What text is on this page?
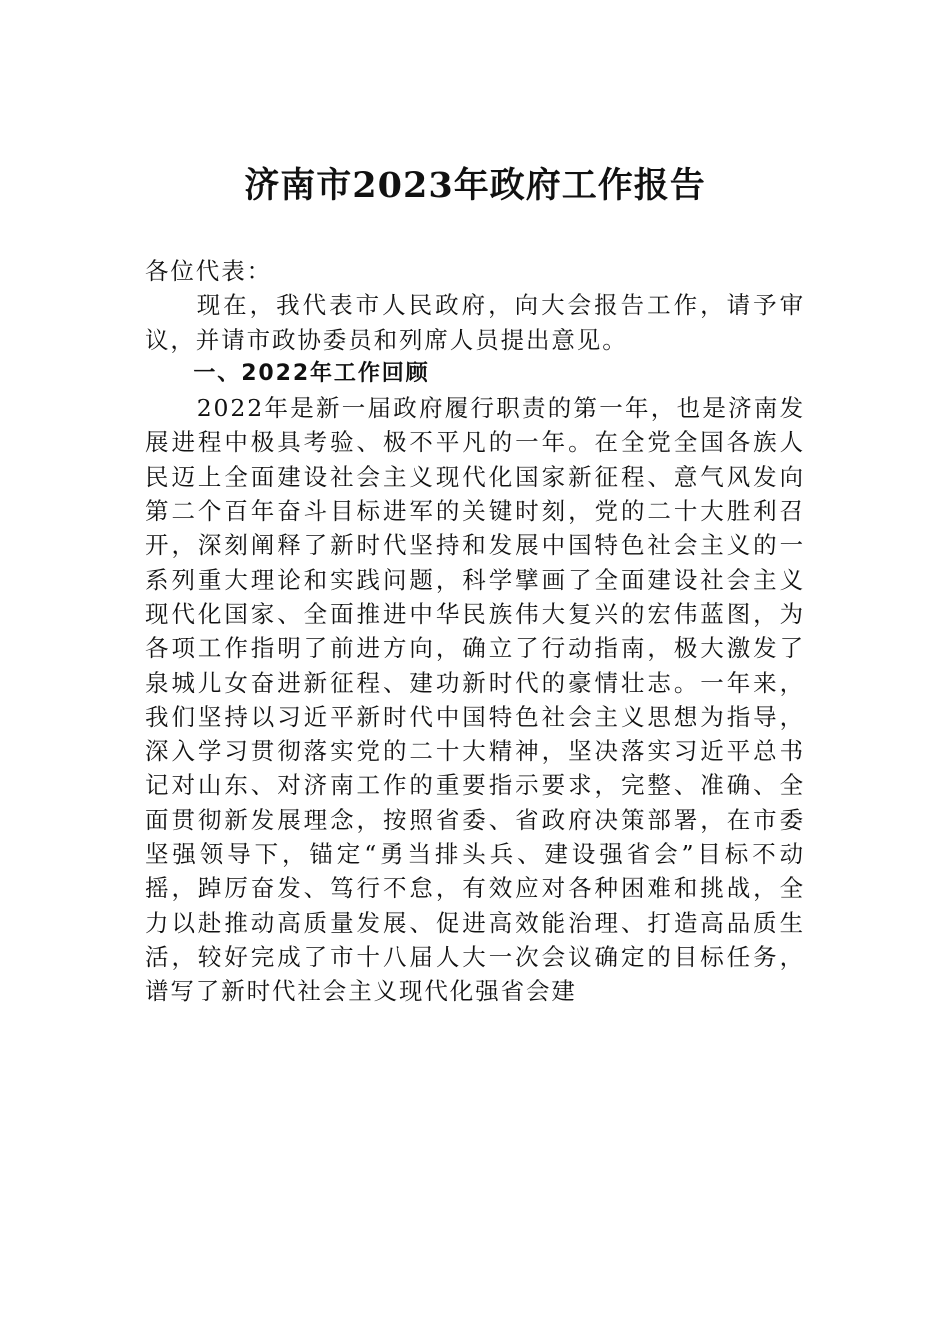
济南市2023年政府工作报告

各位代表：

现在，我代表市人民政府，向大会报告工作，请予审议，并请市政协委员和列席人员提出意见。

一、2022年工作回顾

2022年是新一届政府履行职责的第一年，也是济南发展进程中极具考验、极不平凡的一年。在全党全国各族人民迈上全面建设社会主义现代化国家新征程、意气风发向第二个百年奋斗目标进军的关键时刻，党的二十大胜利召开，深刻阐释了新时代坚持和发展中国特色社会主义的一系列重大理论和实践问题，科学擘画了全面建设社会主义现代化国家、全面推进中华民族伟大复兴的宏伟蓝图，为各项工作指明了前进方向，确立了行动指南，极大激发了泉城儿女奋进新征程、建功新时代的豪情壮志。一年来，我们坚持以习近平新时代中国特色社会主义思想为指导，深入学习贯彻落实党的二十大精神，坚决落实习近平总书记对山东、对济南工作的重要指示要求，完整、准确、全面贯彻新发展理念，按照省委、省政府决策部署，在市委坚强领导下，锚定“勇当排头兵、建设强省会”目标不动摇，踔厉奋发、笃行不怠，有效应对各种困难和挑战，全力以赴推动高质量发展、促进高效能治理、打造高品质生活，较好完成了市十八届人大一次会议确定的目标任务，谱写了新时代社会主义现代化强省会建
